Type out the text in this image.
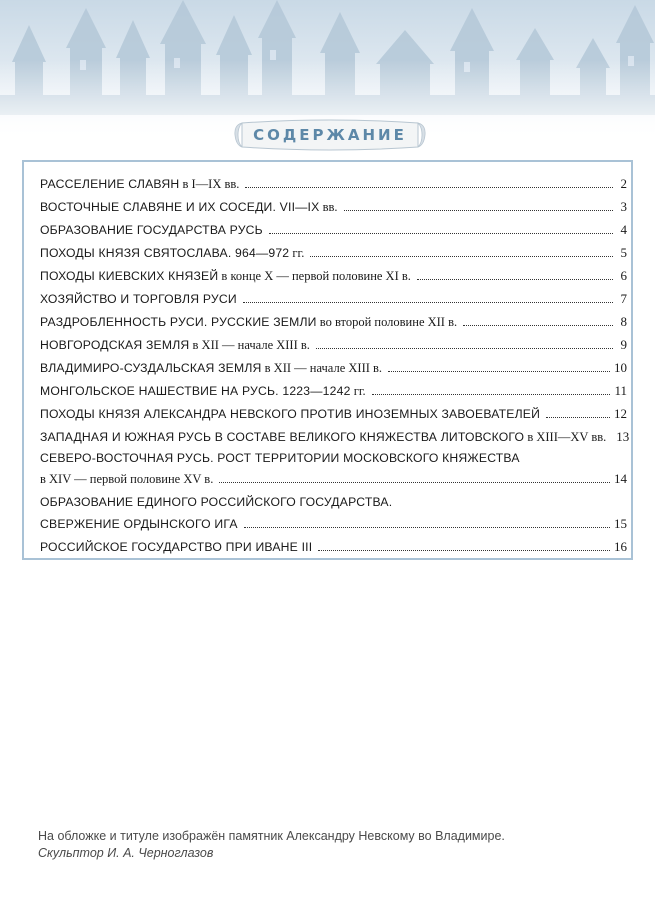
СОДЕРЖАНИЕ
РАССЕЛЕНИЕ СЛАВЯН в I—IX вв.	2
ВОСТОЧНЫЕ СЛАВЯНЕ И ИХ СОСЕДИ. VII—IX вв.	3
ОБРАЗОВАНИЕ ГОСУДАРСТВА РУСЬ	4
ПОХОДЫ КНЯЗЯ СВЯТОСЛАВА. 964—972 гг.	5
ПОХОДЫ КИЕВСКИХ КНЯЗЕЙ в конце X — первой половине XI в.	6
ХОЗЯЙСТВО И ТОРГОВЛЯ РУСИ	7
РАЗДРОБЛЕННОСТЬ РУСИ. РУССКИЕ ЗЕМЛИ во второй половине XII в.	8
НОВГОРОДСКАЯ ЗЕМЛЯ в XII — начале XIII в.	9
ВЛАДИМИРО-СУЗДАЛЬСКАЯ ЗЕМЛЯ в XII — начале XIII в.	10
МОНГОЛЬСКОЕ НАШЕСТВИЕ НА РУСЬ. 1223—1242 гг.	11
ПОХОДЫ КНЯЗЯ АЛЕКСАНДРА НЕВСКОГО ПРОТИВ ИНОЗЕМНЫХ ЗАВОЕВАТЕЛЕЙ	12
ЗАПАДНАЯ И ЮЖНАЯ РУСЬ В СОСТАВЕ ВЕЛИКОГО КНЯЖЕСТВА ЛИТОВСКОГО в XIII—XV вв. 13
СЕВЕРО-ВОСТОЧНАЯ РУСЬ. РОСТ ТЕРРИТОРИИ МОСКОВСКОГО КНЯЖЕСТВА
в XIV — первой половине XV в.	14
ОБРАЗОВАНИЕ ЕДИНОГО РОССИЙСКОГО ГОСУДАРСТВА.
СВЕРЖЕНИЕ ОРДЫНСКОГО ИГА	15
РОССИЙСКОЕ ГОСУДАРСТВО ПРИ ИВАНЕ III	16
На обложке и титуле изображён памятник Александру Невскому во Владимире.
Скульптор И. А. Черноглазов
